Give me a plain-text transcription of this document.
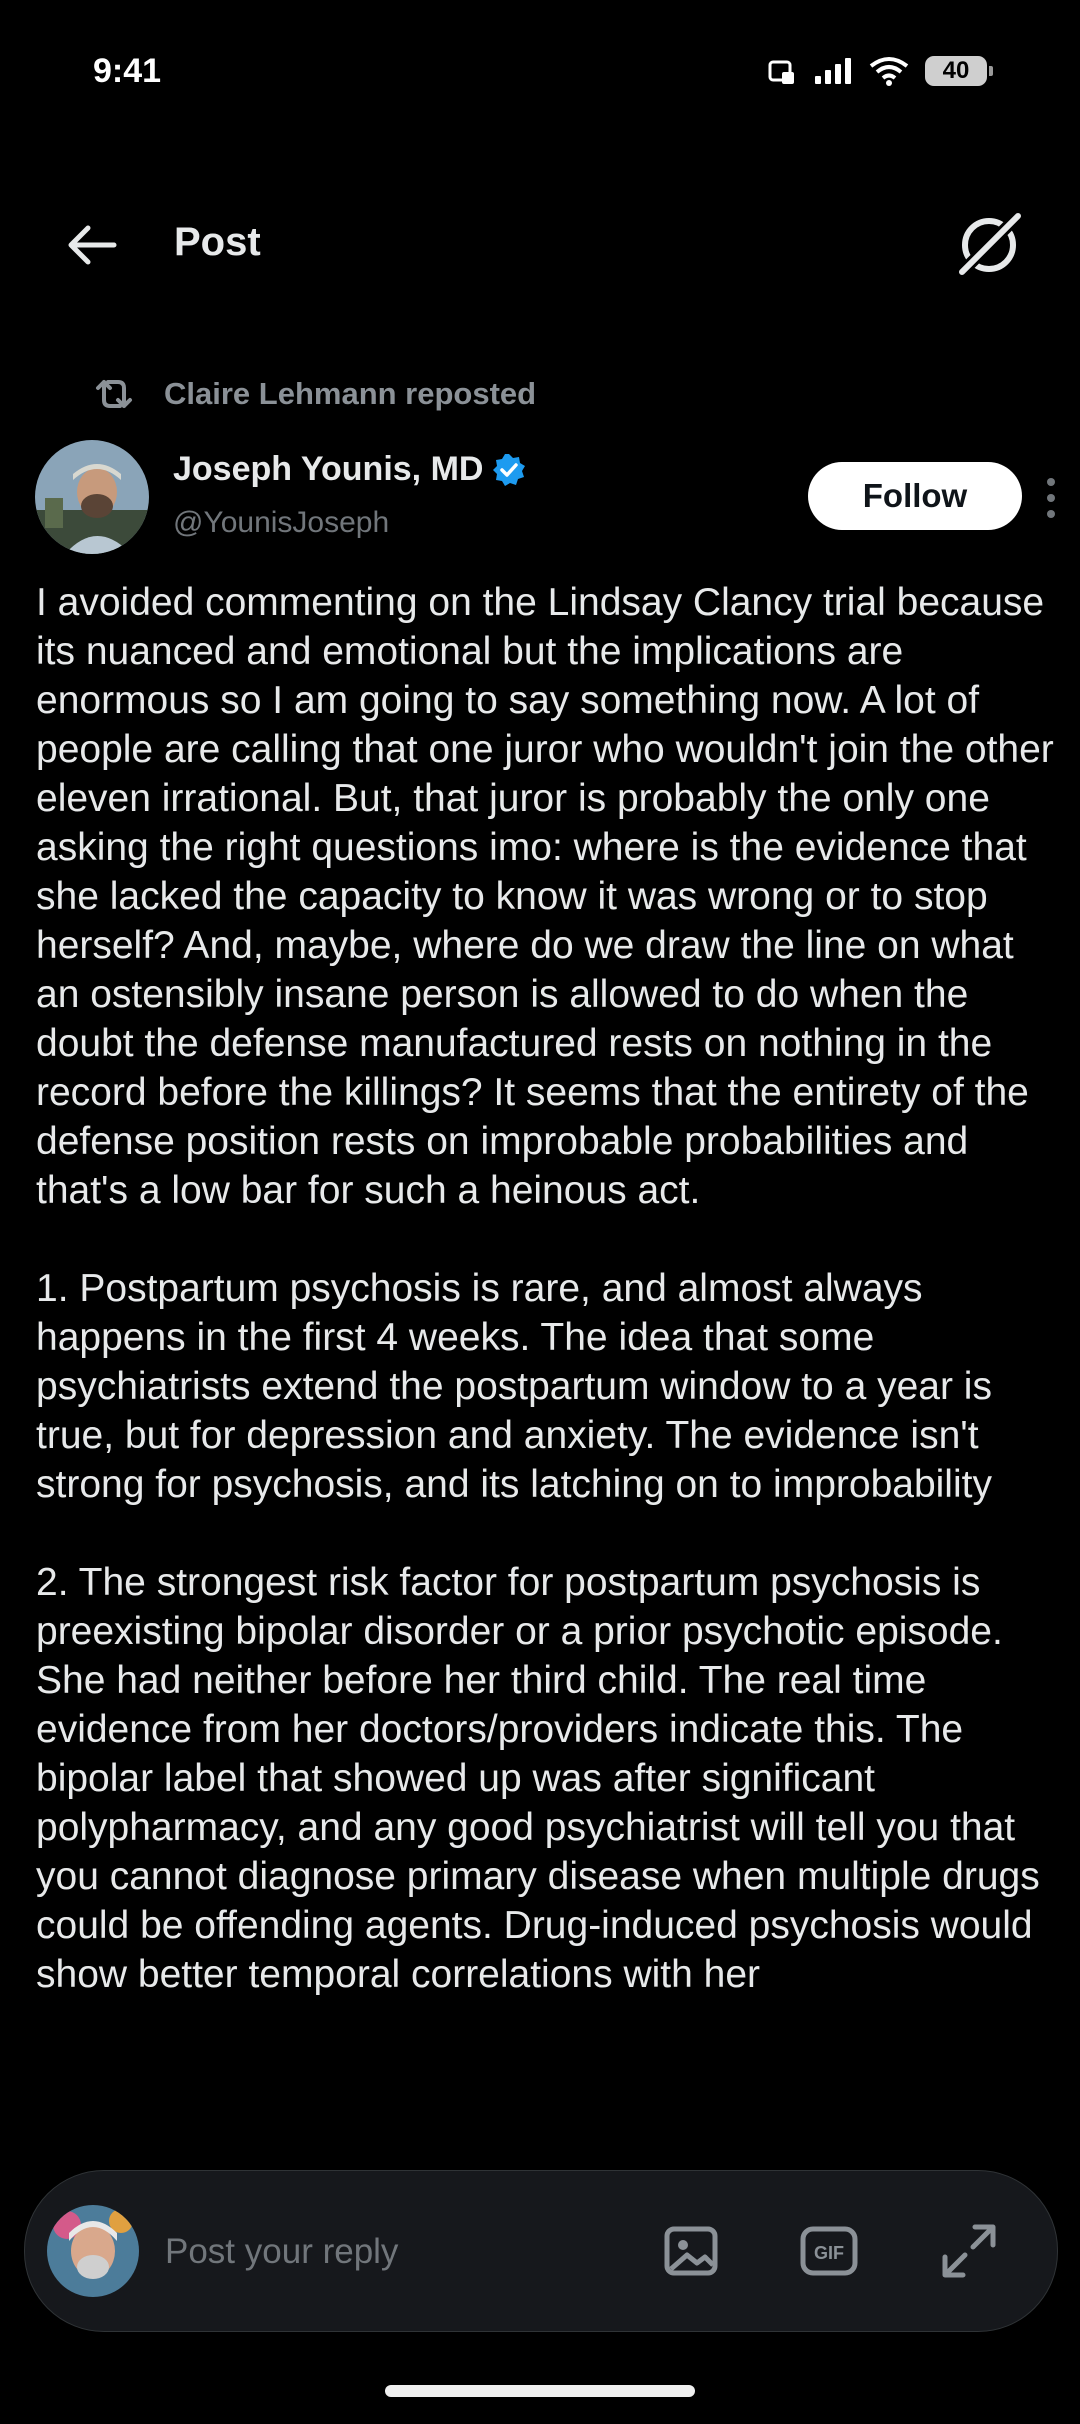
9:41	40
Post
Claire Lehmann reposted
Joseph Younis, MD
@YounisJoseph
Follow

I avoided commenting on the Lindsay Clancy trial because its nuanced and emotional but the implications are enormous so I am going to say something now. A lot of people are calling that one juror who wouldn't join the other eleven irrational. But, that juror is probably the only one asking the right questions imo: where is the evidence that she lacked the capacity to know it was wrong or to stop herself? And, maybe, where do we draw the line on what an ostensibly insane person is allowed to do when the doubt the defense manufactured rests on nothing in the record before the killings? It seems that the entirety of the defense position rests on improbable probabilities and that's a low bar for such a heinous act.

1. Postpartum psychosis is rare, and almost always happens in the first 4 weeks. The idea that some psychiatrists extend the postpartum window to a year is true, but for depression and anxiety. The evidence isn't strong for psychosis, and its latching on to improbability

2. The strongest risk factor for postpartum psychosis is preexisting bipolar disorder or a prior psychotic episode. She had neither before her third child. The real time evidence from her doctors/providers indicate this. The bipolar label that showed up was after significant polypharmacy, and any good psychiatrist will tell you that you cannot diagnose primary disease when multiple drugs could be offending agents. Drug-induced psychosis would show better temporal correlations with her

Post your reply
GIF
